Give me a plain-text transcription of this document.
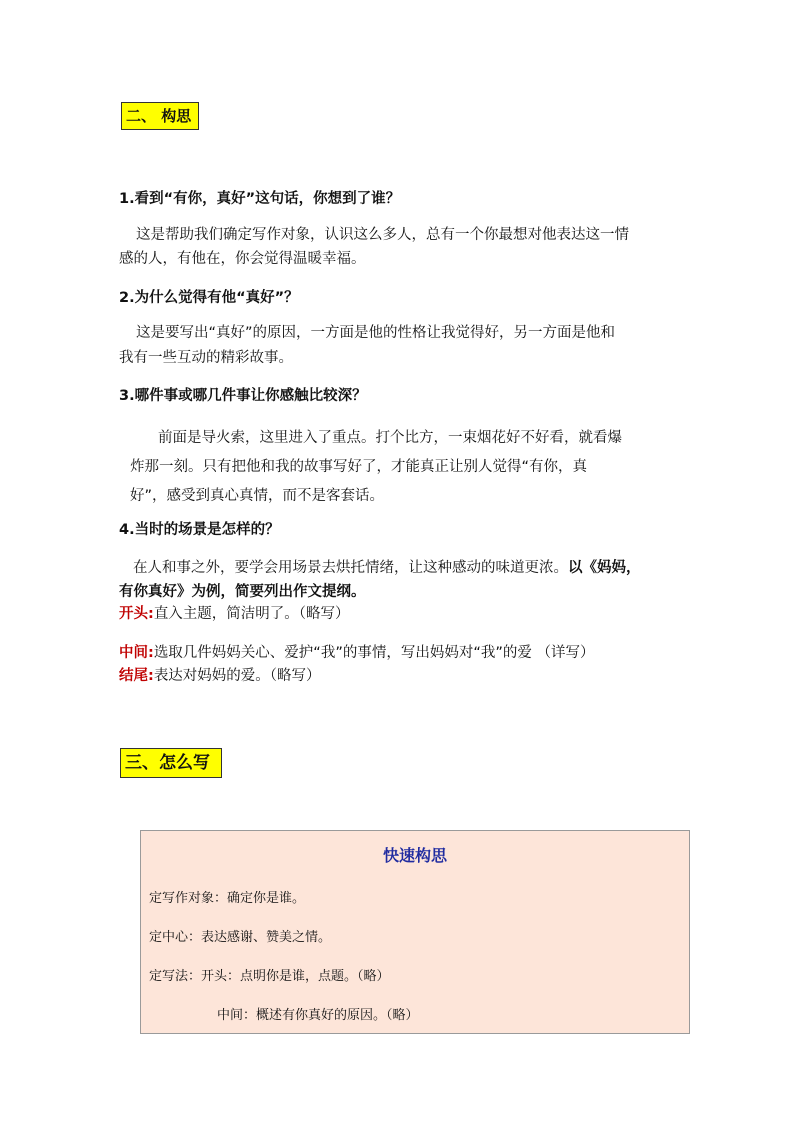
二、 构思
1.看到“有你，真好”这句话，你想到了谁？
这是帮助我们确定写作对象，认识这么多人，总有一个你最想对他表达这一情
感的人，有他在，你会觉得温暖幸福。
2.为什么觉得有他“真好”？
这是要写出“真好”的原因，一方面是他的性格让我觉得好，另一方面是他和
我有一些互动的精彩故事。
3.哪件事或哪几件事让你感触比较深？
前面是导火索，这里进入了重点。打个比方，一束烟花好不好看，就看爆
炸那一刻。只有把他和我的故事写好了，才能真正让别人觉得“有你，真
好”，感受到真心真情，而不是客套话。
4.当时的场景是怎样的？
在人和事之外，要学会用场景去烘托情绪，让这种感动的味道更浓。以《妈妈，
有你真好》为例，简要列出作文提纲。
开头:直入主题，简洁明了。（略写）
中间:选取几件妈妈关心、爱护“我”的事情，写出妈妈对“我”的爱 （详写）
结尾:表达对妈妈的爱。（略写）
三、怎么写
快速构思
定写作对象：确定你是谁。
定中心：表达感谢、赞美之情。
定写法：开头：点明你是谁，点题。（略）
中间：概述有你真好的原因。（略）
